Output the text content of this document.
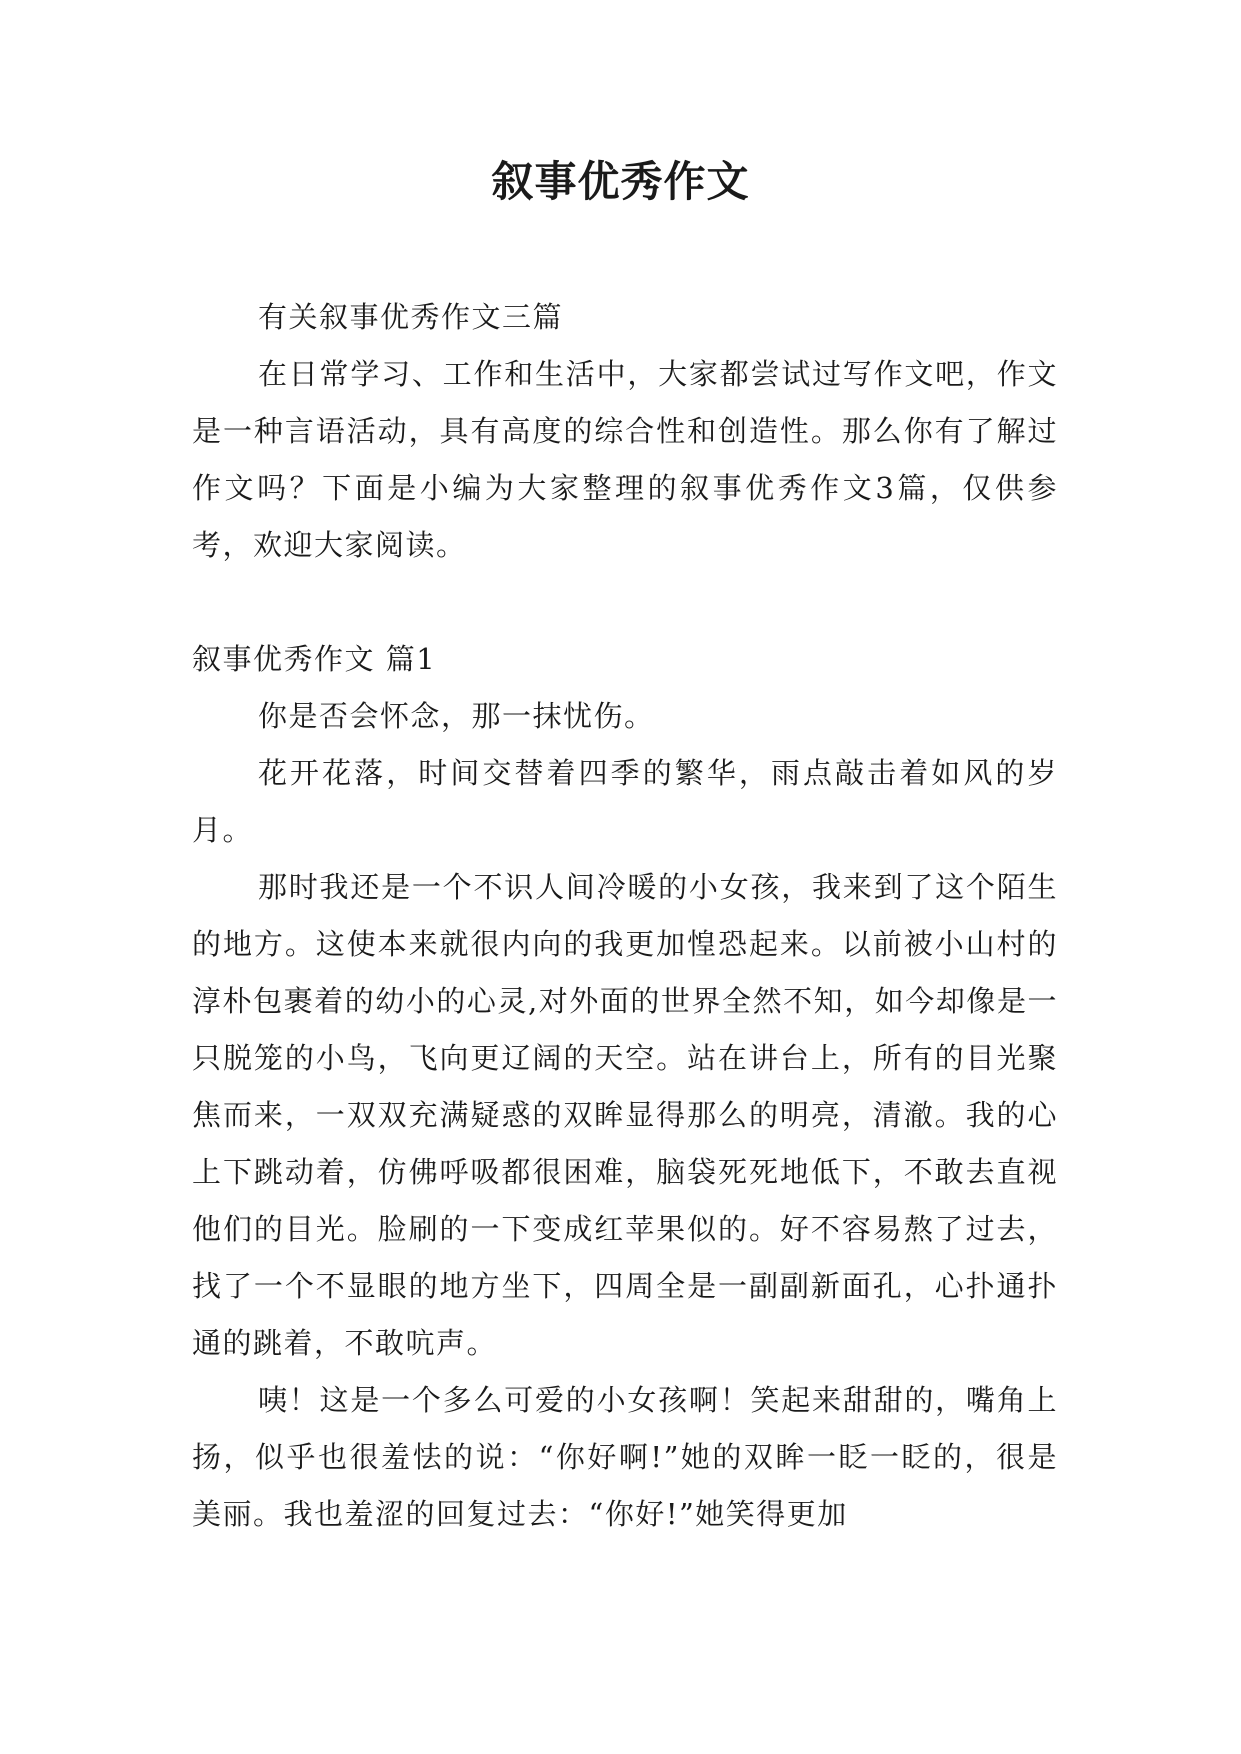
叙事优秀作文

有关叙事优秀作文三篇

在日常学习、工作和生活中，大家都尝试过写作文吧，作文是一种言语活动，具有高度的综合性和创造性。那么你有了解过作文吗？下面是小编为大家整理的叙事优秀作文3篇，仅供参考，欢迎大家阅读。

叙事优秀作文 篇1

你是否会怀念，那一抹忧伤。

花开花落，时间交替着四季的繁华，雨点敲击着如风的岁月。

那时我还是一个不识人间冷暖的小女孩，我来到了这个陌生的地方。这使本来就很内向的我更加惶恐起来。以前被小山村的淳朴包裹着的幼小的心灵,对外面的世界全然不知，如今却像是一只脱笼的小鸟，飞向更辽阔的天空。站在讲台上，所有的目光聚焦而来，一双双充满疑惑的双眸显得那么的明亮，清澈。我的心上下跳动着，仿佛呼吸都很困难，脑袋死死地低下，不敢去直视他们的目光。脸刷的一下变成红苹果似的。好不容易熬了过去，找了一个不显眼的地方坐下，四周全是一副副新面孔，心扑通扑通的跳着，不敢吭声。

咦！这是一个多么可爱的小女孩啊！笑起来甜甜的，嘴角上扬，似乎也很羞怯的说：“你好啊!”她的双眸一眨一眨的，很是美丽。我也羞涩的回复过去：“你好!”她笑得更加
